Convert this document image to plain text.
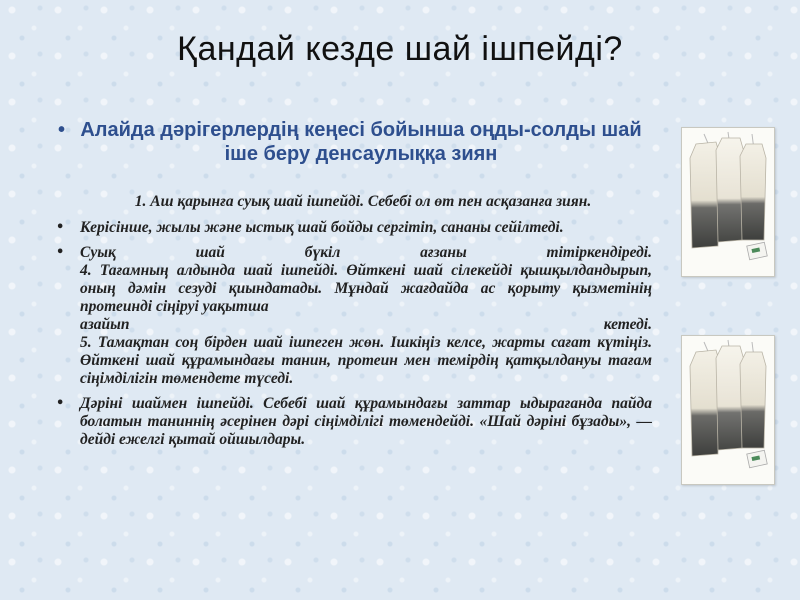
Қандай кезде шай ішпейді?
• Алайда дәрігерлердің кеңесі бойынша оңды-солды шай іше беру денсаулыққа зиян
1. Аш қарынға суық шай ішпейді. Себебі ол өт пен асқазанға зиян.
• Керісінше, жылы және ыстық шай бойды сергітіп, сананы сейілтеді.
• Суық шай бүкіл ағзаны тітіркендіреді.
4. Тағамның алдында шай ішпейді. Өйткені шай сілекейді қышқылдандырып, оның дәмін сезуді қиындатады. Мұндай жағдайда ас қорыту қызметінің протеинді сіңіруі уақытша
азайып	кетеді.
5. Тамақтан соң бірден шай ішпеген жөн. Ішкіңіз келсе, жарты сағат күтіңіз. Өйткені шай құрамындағы танин, протеин мен темірдің қатқылдануы тағам сіңімділігін төмендете түседі.
• Дәріні шаймен ішпейді. Себебі шай құрамындағы заттар ыдырағанда пайда болатын таниннің әсерінен дәрі сіңімділігі төмендейді. «Шай дәріні бұзады», — дейді ежелгі қытай ойшылдары.
